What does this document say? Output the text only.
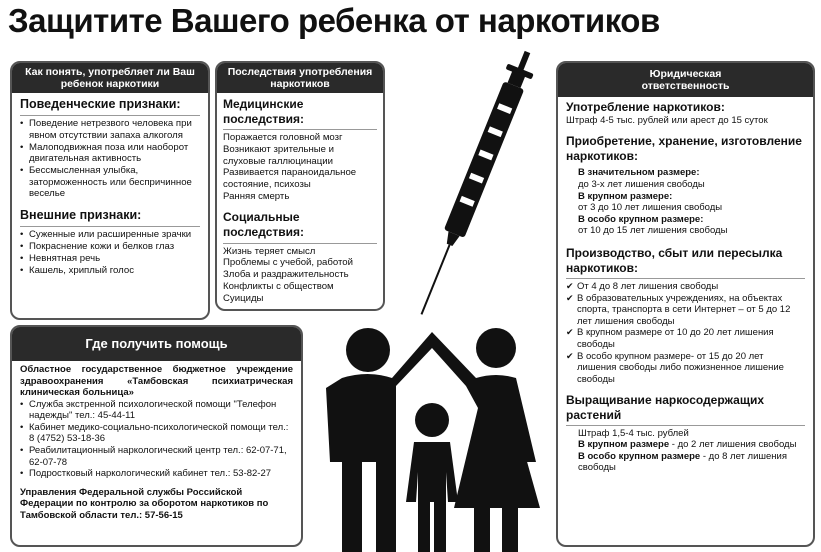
Защитите Вашего ребенка от наркотиков
Как понять, употребляет ли Ваш ребенок наркотики
Поведенческие признаки:

• Поведение нетрезвого человека при явном отсутствии запаха алкоголя

• Малоподвижная поза или наоборот двигательная активность

• Бессмысленная улыбка, заторможенность или беспричинное веселье

Внешние признаки:

• Суженные или расширенные зрачки

• Покраснение кожи и белков глаз

• Невнятная речь

• Кашель, хриплый голос

Последствия употребления наркотиков
Медицинские последствия:

Поражается головной мозг

Возникают зрительные и слуховые галлюцинации

Развивается параноидальное состояние, психозы

Ранняя смерть

Социальные последствия:

Жизнь теряет смысл

Проблемы с учебой, работой

Злоба и раздражительность

Конфликты с обществом

Суициды

Где получить помощь

Областное государственное бюджетное учреждение здравоохранения «Тамбовская психиатрическая клиническая больница»

• Служба экстренной психологической помощи "Телефон надежды" тел.: 45-44-11

• Кабинет медико-социально-психологической помощи тел.: 8 (4752) 53-18-36

• Реабилитационный наркологический центр тел.: 62-07-71, 62-07-78

• Подростковый наркологический кабинет тел.: 53-82-27

Управления Федеральной службы Российской Федерации по контролю за оборотом наркотиков по Тамбовской области тел.: 57-56-15

Юридическая ответственность
Употребление наркотиков:

Штраф 4-5 тыс. рублей или арест до 15 суток

Приобретение, хранение, изготовление наркотиков:

В значительном размере:

до 3-х лет лишения свободы

В крупном размере:

от 3 до 10 лет лишения свободы

В особо крупном размере:

от 10 до 15 лет лишения свободы

Производство, сбыт или пересылка наркотиков:

✔ От 4 до 8 лет лишения свободы

✔ В образовательных учреждениях, на объектах спорта, транспорта в сети Интернет – от 5 до 12 лет лишения свободы

✔ В крупном размере от 10 до 20 лет лишения свободы

✔ В особо крупном размере- от 15 до 20 лет лишения свободы либо пожизненное лишение свободы

Выращивание наркосодержащих растений

Штраф 1,5-4 тыс. рублей

В крупном размере - до 2 лет лишения свободы

В особо крупном размере - до 8 лет лишения свободы
